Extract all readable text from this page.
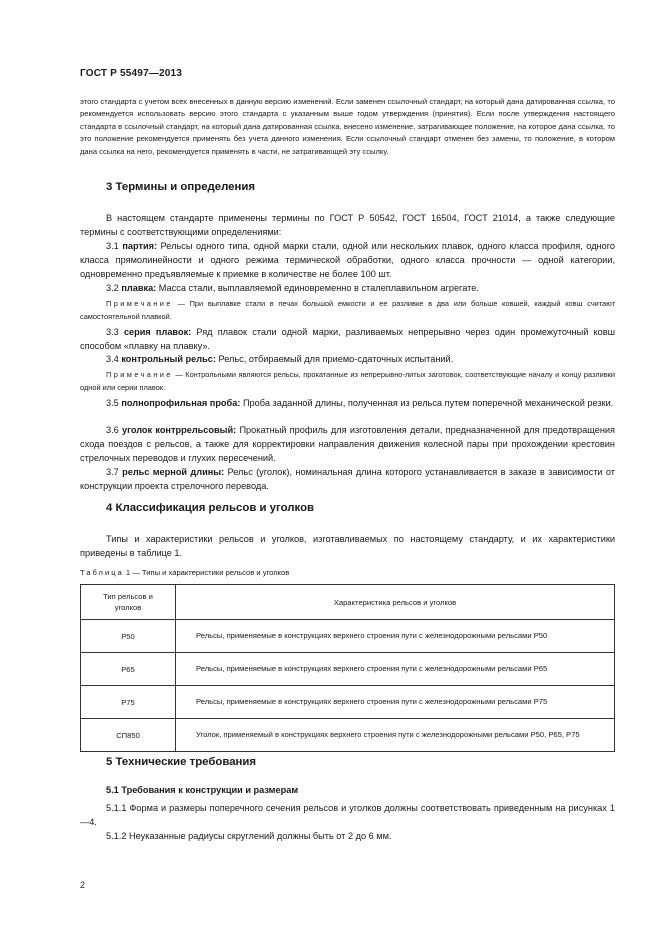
ГОСТ Р 55497—2013
этого стандарта с учетом всех внесенных в данную версию изменений. Если заменен ссылочный стандарт, на который дана датированная ссылка, то рекомендуется использовать версию этого стандарта с указанным выше годом утверждения (принятия). Если после утверждения настоящего стандарта в ссылочный стандарт, на который дана датированная ссылка, внесено изменение, затрагивающее положение, на которое дана ссылка, то это положение рекомендуется применять без учета данного изменения. Если ссылочный стандарт отменен без замены, то положение, в котором дана ссылка на него, рекомендуется применять в части, не затрагивающей эту ссылку.
3 Термины и определения
В настоящем стандарте применены термины по ГОСТ Р 50542, ГОСТ 16504, ГОСТ 21014, а также следующие термины с соответствующими определениями:
3.1 партия: Рельсы одного типа, одной марки стали, одной или нескольких плавок, одного класса профиля, одного класса прямолинейности и одного режима термической обработки, одного класса прочности — одной категории, одновременно предъявляемые к приемке в количестве не более 100 шт.
3.2 плавка: Масса стали, выплавляемой единовременно в сталеплавильном агрегате.
Примечание — При выплавке стали в печах большой емкости и ее разливке в два или больше ковшей, каждый ковш считают самостоятельной плавкой.
3.3 серия плавок: Ряд плавок стали одной марки, разливаемых непрерывно через один промежуточный ковш способом «плавку на плавку».
3.4 контрольный рельс: Рельс, отбираемый для приемо-сдаточных испытаний.
Примечание — Контрольными являются рельсы, прокатанные из непрерывно-литых заготовок, соответствующие началу и концу разливки одной или серии плавок.
3.5 полнопрофильная проба: Проба заданной длины, полученная из рельса путем поперечной механической резки.
3.6 уголок контррельсовый: Прокатный профиль для изготовления детали, предназначенной для предотвращения схода поездов с рельсов, а также для корректировки направления движения колесной пары при прохождении крестовин стрелочных переводов и глухих пересечений.
3.7 рельс мерной длины: Рельс (уголок), номинальная длина которого устанавливается в заказе в зависимости от конструкции проекта стрелочного перевода.
4 Классификация рельсов и уголков
Типы и характеристики рельсов и уголков, изготавливаемых по настоящему стандарту, и их характеристики приведены в таблице 1.
Таблица 1 — Типы и характеристики рельсов и уголков
Тип рельсов и уголков	Характеристика рельсов и уголков
Р50	Рельсы, применяемые в конструкциях верхнего строения пути с железнодорожными рельсами Р50
Р65	Рельсы, применяемые в конструкциях верхнего строения пути с железнодорожными рельсами Р65
Р75	Рельсы, применяемые в конструкциях верхнего строения пути с железнодорожными рельсами Р75
СП850	Уголок, применяемый в конструкциях верхнего строения пути с железнодорожными рельсами Р50, Р65, Р75
5 Технические требования
5.1 Требования к конструкции и размерам
5.1.1 Форма и размеры поперечного сечения рельсов и уголков должны соответствовать приведенным на рисунках 1—4.
5.1.2 Неуказанные радиусы скруглений должны быть от 2 до 6 мм.
2
